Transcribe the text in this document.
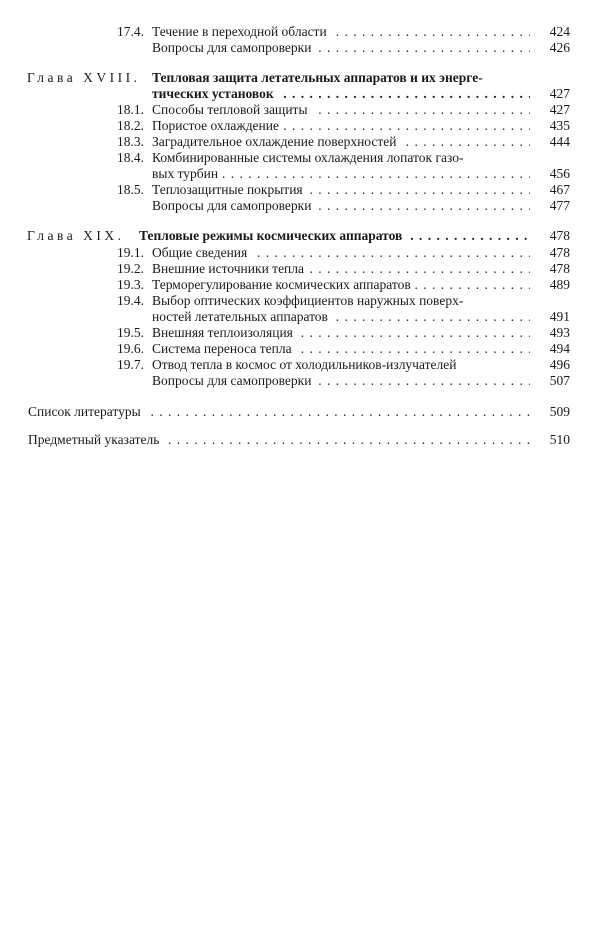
17.4. Течение в переходной области . . .	424
Вопросы для самопроверки . . .	426
Глава XVIII. Тепловая защита летательных аппаратов и их энерге-
тических установок . . .	427
18.1. Способы тепловой защиты . . .	427
18.2. Пористое охлаждение . . .	435
18.3. Заградительное охлаждение поверхностей . . .	444
18.4. Комбинированные системы охлаждения лопаток газо-
вых турбин . . .	456
18.5. Теплозащитные покрытия . . .	467
Вопросы для самопроверки . . .	477
Глава XIX. Тепловые режимы космических аппаратов . . .	478
19.1. Общие сведения . . .	478
19.2. Внешние источники тепла . . .	478
19.3. Терморегулирование космических аппаратов . . .	489
19.4. Выбор оптических коэффициентов наружных поверх-
ностей летательных аппаратов . . .	491
19.5. Внешняя теплоизоляция . . .	493
19.6. Система переноса тепла . . .	494
19.7. Отвод тепла в космос от холодильников-излучателей	496
Вопросы для самопроверки . . .	507
Список литературы . . .	509
Предметный указатель . . .	510
